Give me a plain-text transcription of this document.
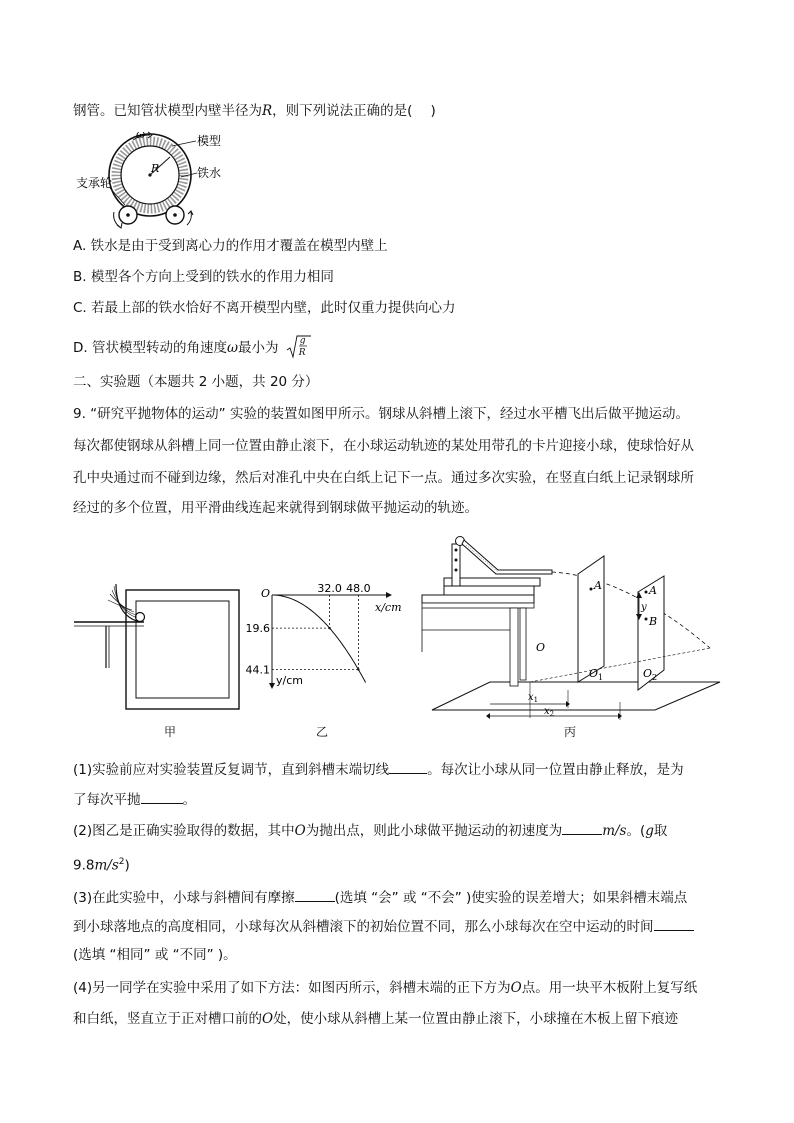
钢管。已知管状模型内壁半径为R，则下列说法正确的是( )
R
ω	模型
铁水
支承轮
A. 铁水是由于受到离心力的作用才覆盖在模型内壁上
B. 模型各个方向上受到的铁水的作用力相同
C. 若最上部的铁水恰好不离开模型内壁，此时仅重力提供向心力
D. 管状模型转动的角速度ω最小为 g
R
二、实验题（本题共 2 小题，共 20 分）
9. “研究平抛物体的运动” 实验的装置如图甲所示。钢球从斜槽上滚下，经过水平槽飞出后做平抛运动。
每次都使钢球从斜槽上同一位置由静止滚下，在小球运动轨迹的某处用带孔的卡片迎接小球，使球恰好从
孔中央通过而不碰到边缘，然后对准孔中央在白纸上记下一点。通过多次实验，在竖直白纸上记录钢球所
经过的多个位置，用平滑曲线连起来就得到钢球做平抛运动的轨迹。
甲
O
x/cm
y/cm
32.0 48.0
19.6
44.1
乙
A	A
B
y
O
$O_1$	$O_2$
$x_1$
$x_2$
丙
(1)实验前应对实验装置反复调节，直到斜槽末端切线	。每次让小球从同一位置由静止释放，是为
了每次平抛	。
(2)图乙是正确实验取得的数据，其中O为抛出点，则此小球做平抛运动的初速度为	m/s。(g取
$9.8m/s^2$)
(3)在此实验中，小球与斜槽间有摩擦	(选填 “会” 或 “不会” )使实验的误差增大；如果斜槽末端点
到小球落地点的高度相同，小球每次从斜槽滚下的初始位置不同，那么小球每次在空中运动的时间
(选填 “相同” 或 “不同” )。
(4)另一同学在实验中采用了如下方法：如图丙所示，斜槽末端的正下方为O点。用一块平木板附上复写纸
和白纸，竖直立于正对槽口前的O处，使小球从斜槽上某一位置由静止滚下，小球撞在木板上留下痕迹
